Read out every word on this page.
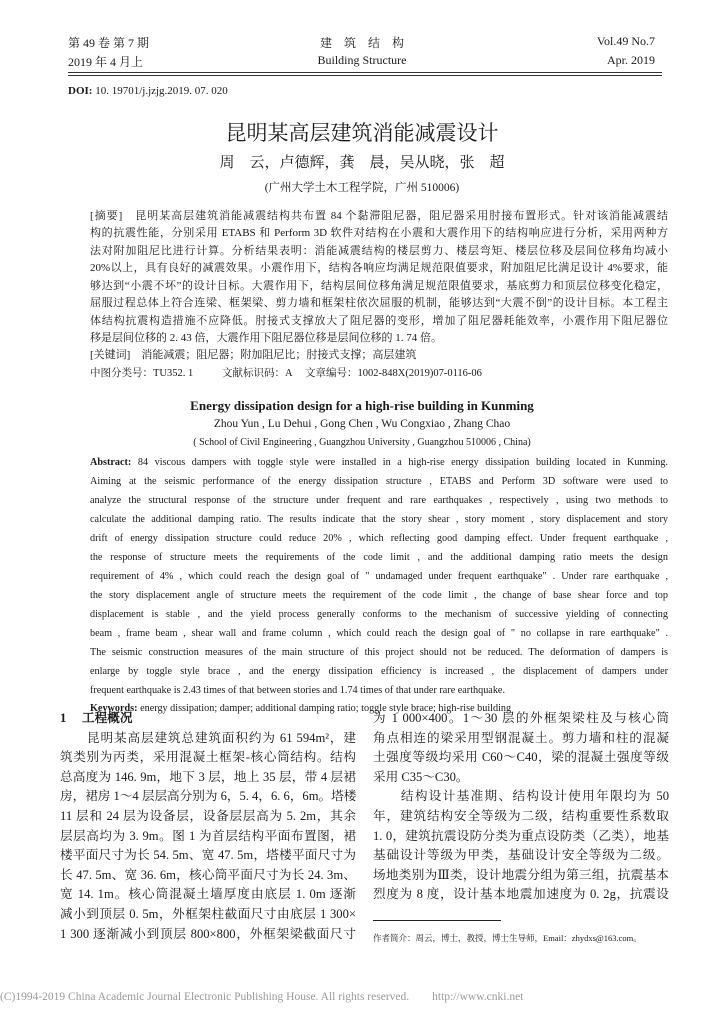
第 49 卷 第 7 期
2019 年 4 月上
建　筑　结　构
Building Structure
Vol.49 No.7
Apr. 2019
DOI: 10. 19701/j.jzjg.2019. 07. 020
昆明某高层建筑消能减震设计
周　云，卢德辉，龚　晨，吴从晓，张　超
(广州大学土木工程学院，广州 510006)
[摘要]　昆明某高层建筑消能减震结构共布置 84 个黏滞阻尼器，阻尼器采用肘接布置形式。针对该消能减震结
构的抗震性能，分别采用 ETABS 和 Perform 3D 软件对结构在小震和大震作用下的结构响应进行分析，采用两种方
法对附加阻尼比进行计算。分析结果表明：消能减震结构的楼层剪力、楼层弯矩、楼层位移及层间位移角均减小
20%以上，具有良好的减震效果。小震作用下，结构各响应均满足规范限值要求，附加阻尼比满足设计 4%要求，能
够达到“小震不坏”的设计目标。大震作用下，结构层间位移角满足规范限值要求，基底剪力和顶层位移变化稳定，
屈服过程总体上符合连梁、框架梁、剪力墙和框架柱依次屈服的机制，能够达到“大震不倒”的设计目标。本工程主
体结构抗震构造措施不应降低。肘接式支撑放大了阻尼器的变形，增加了阻尼器耗能效率，小震作用下阻尼器位
移是层间位移的 2. 43 倍，大震作用下阻尼器位移是层间位移的 1. 74 倍。
[关键词]　消能减震；阻尼器；附加阻尼比；肘接式支撑；高层建筑
中图分类号：TU352. 1	文献标识码：A 文章编号：1002-848X(2019)07-0116-06
Energy dissipation design for a high-rise building in Kunming
Zhou Yun , Lu Dehui , Gong Chen , Wu Congxiao , Zhang Chao
( School of Civil Engineering , Guangzhou University , Guangzhou 510006 , China)
Abstract: 84 viscous dampers with toggle style were installed in a high-rise energy dissipation building located in Kunming.
Aiming at the seismic performance of the energy dissipation structure , ETABS and Perform 3D software were used to
analyze the structural response of the structure under frequent and rare earthquakes , respectively , using two methods to
calculate the additional damping ratio. The results indicate that the story shear , story moment , story displacement and story
drift of energy dissipation structure could reduce 20% , which reflecting good damping effect. Under frequent earthquake ,
the response of structure meets the requirements of the code limit , and the additional damping ratio meets the design
requirement of 4% , which could reach the design goal of " undamaged under frequent earthquake" . Under rare earthquake ,
the story displacement angle of structure meets the requirement of the code limit , the change of base shear force and top
displacement is stable , and the yield process generally conforms to the mechanism of successive yielding of connecting
beam , frame beam , shear wall and frame column , which could reach the design goal of " no collapse in rare earthquake" .
The seismic construction measures of the main structure of this project should not be reduced. The deformation of dampers is
enlarge by toggle style brace , and the energy dissipation efficiency is increased , the displacement of dampers under
frequent earthquake is 2.43 times of that between stories and 1.74 times of that under rare earthquake.
Keywords: energy dissipation; damper; additional damping ratio; toggle style brace; high-rise building
1　 工程概况
　　昆明某高层建筑总建筑面积约为 61 594m²，建
筑类别为丙类，采用混凝土框架-核心筒结构。结构
总高度为 146. 9m，地下 3 层，地上 35 层，带 4 层裙
房，裙房 1～4 层层高分别为 6，5. 4，6. 6，6m。塔楼
11 层和 24 层为设备层，设备层层高为 5. 2m，其余
层层高均为 3. 9m。图 1 为首层结构平面布置图，裙
楼平面尺寸为长 54. 5m、宽 47. 5m，塔楼平面尺寸为
长 47. 5m、宽 36. 6m，核心筒平面尺寸为长 24. 3m、
宽 14. 1m。核心筒混凝土墙厚度由底层 1. 0m 逐渐
减小到顶层 0. 5m，外框架柱截面尺寸由底层 1 300×
1 300 逐渐减小到顶层 800×800，外框架梁截面尺寸
为 1 000×400。1～30 层的外框架梁柱及与核心筒
角点相连的梁采用型钢混凝土。剪力墙和柱的混凝
土强度等级均采用 C60～C40，梁的混凝土强度等级
采用 C35～C30。
　　结构设计基准期、结构设计使用年限均为 50
年，建筑结构安全等级为二级，结构重要性系数取
1. 0，建筑抗震设防分类为重点设防类（乙类），地基
基础设计等级为甲类，基础设计安全等级为二级。
场地类别为Ⅲ类，设计地震分组为第三组，抗震基本
烈度为 8 度，设计基本地震加速度为 0. 2g，抗震设
作者简介：周云，博士，教授，博士生导师，Email：zhydxs@163.com。
(C)1994-2019 China Academic Journal Electronic Publishing House. All rights reserved.　　http://www.cnki.net
